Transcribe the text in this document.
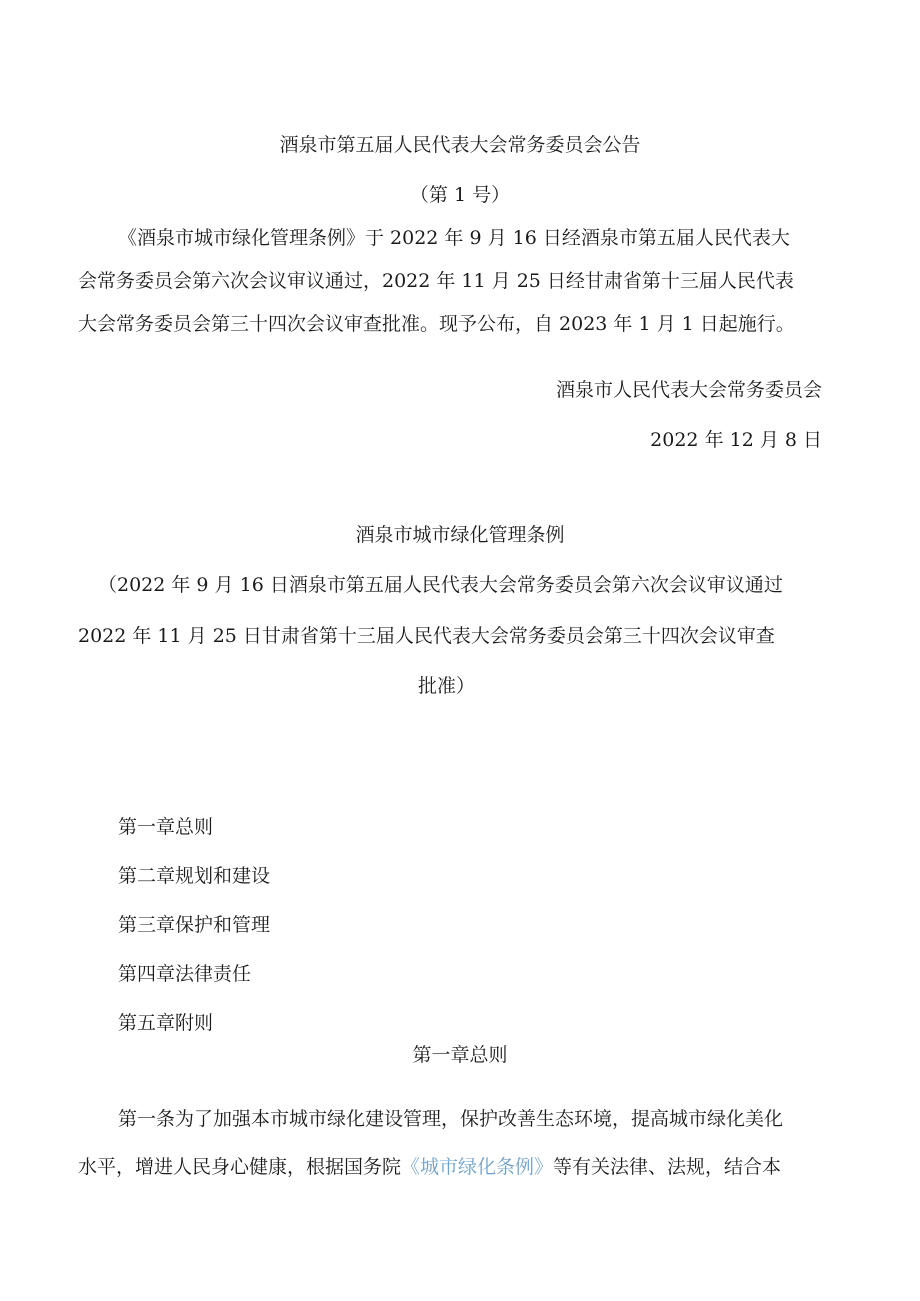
酒泉市第五届人民代表大会常务委员会公告
（第 1 号）
《酒泉市城市绿化管理条例》于 2022 年 9 月 16 日经酒泉市第五届人民代表大
会常务委员会第六次会议审议通过，2022 年 11 月 25 日经甘肃省第十三届人民代表
大会常务委员会第三十四次会议审查批准。现予公布，自 2023 年 1 月 1 日起施行。
酒泉市人民代表大会常务委员会
2022 年 12 月 8 日
酒泉市城市绿化管理条例
（2022 年 9 月 16 日酒泉市第五届人民代表大会常务委员会第六次会议审议通过
2022 年 11 月 25 日甘肃省第十三届人民代表大会常务委员会第三十四次会议审查
批准）
第一章总则
第二章规划和建设
第三章保护和管理
第四章法律责任
第五章附则
第一章总则
第一条为了加强本市城市绿化建设管理，保护改善生态环境，提高城市绿化美化
水平，增进人民身心健康，根据国务院《城市绿化条例》等有关法律、法规，结合本
